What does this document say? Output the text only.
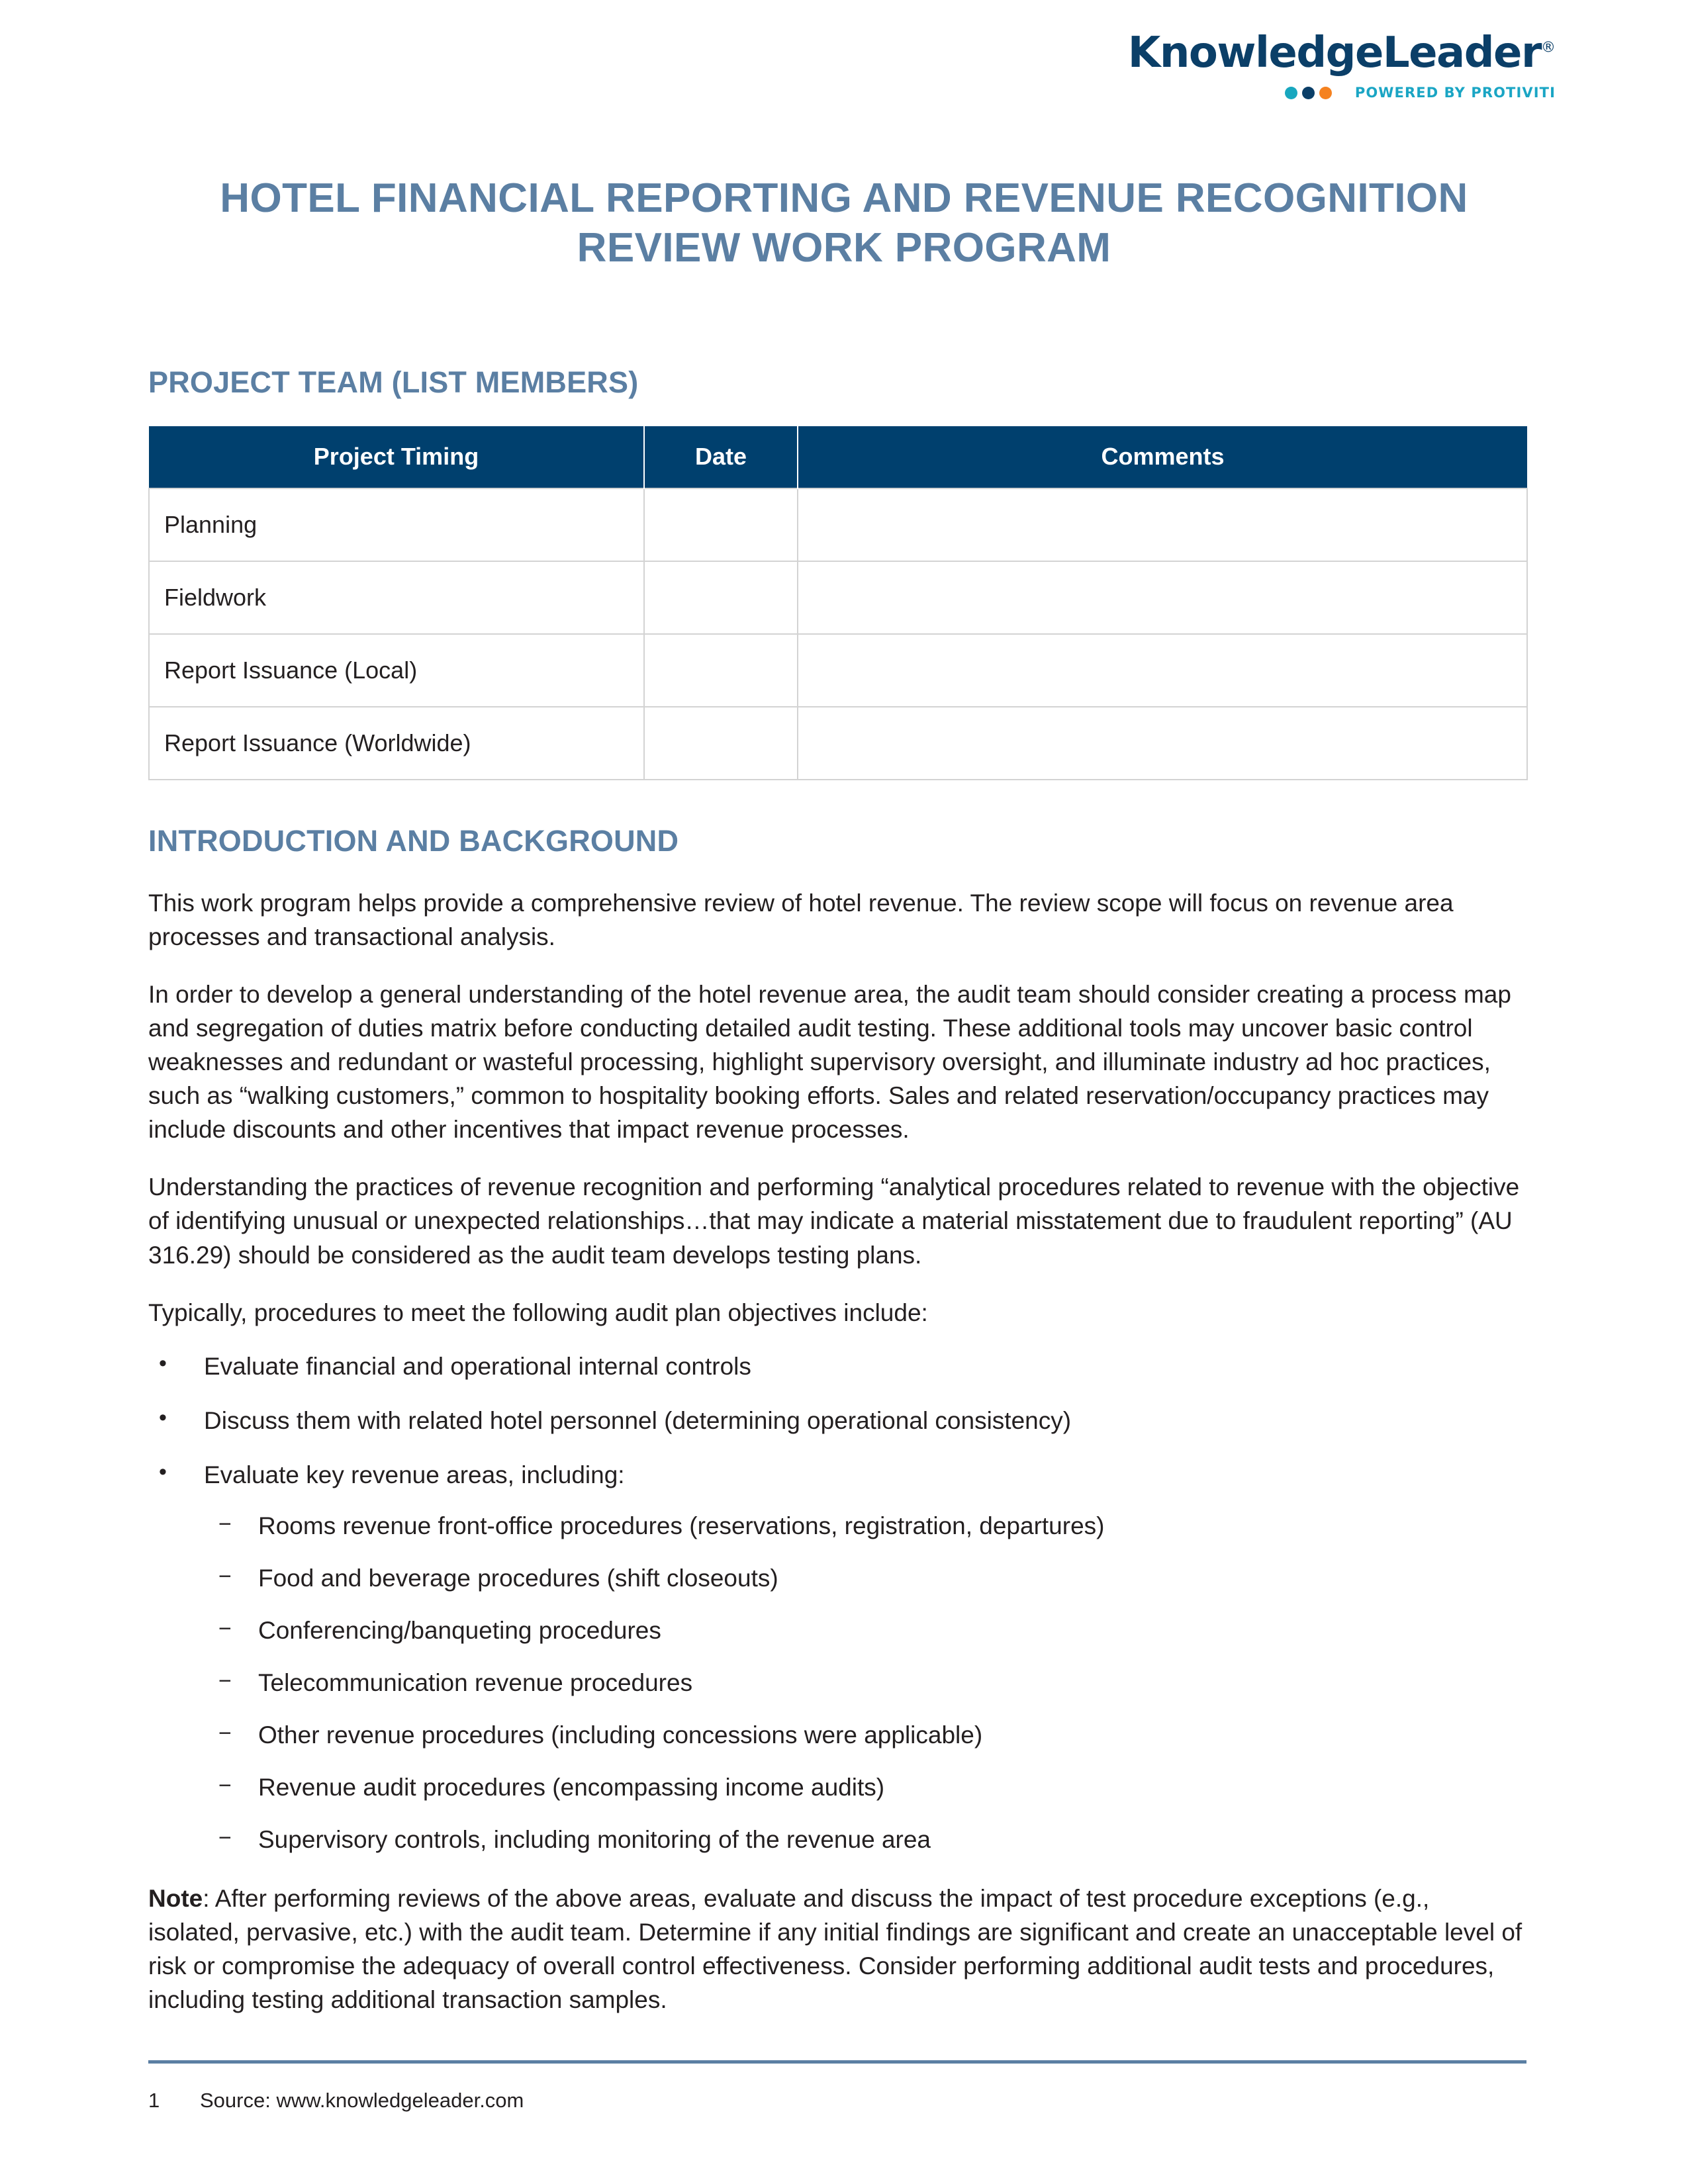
KnowledgeLeader®
POWERED BY PROTIVITI
HOTEL FINANCIAL REPORTING AND REVENUE RECOGNITION REVIEW WORK PROGRAM
PROJECT TEAM (LIST MEMBERS)
Project Timing	Date	Comments
Planning		
Fieldwork		
Report Issuance (Local)		
Report Issuance (Worldwide)		
INTRODUCTION AND BACKGROUND

This work program helps provide a comprehensive review of hotel revenue. The review scope will focus on revenue area processes and transactional analysis.

In order to develop a general understanding of the hotel revenue area, the audit team should consider creating a process map and segregation of duties matrix before conducting detailed audit testing. These additional tools may uncover basic control weaknesses and redundant or wasteful processing, highlight supervisory oversight, and illuminate industry ad hoc practices, such as “walking customers,” common to hospitality booking efforts. Sales and related reservation/occupancy practices may include discounts and other incentives that impact revenue processes.

Understanding the practices of revenue recognition and performing “analytical procedures related to revenue with the objective of identifying unusual or unexpected relationships…that may indicate a material misstatement due to fraudulent reporting” (AU 316.29) should be considered as the audit team develops testing plans.

Typically, procedures to meet the following audit plan objectives include:

• Evaluate financial and operational internal controls
• Discuss them with related hotel personnel (determining operational consistency)
• Evaluate key revenue areas, including:
− Rooms revenue front-office procedures (reservations, registration, departures)
− Food and beverage procedures (shift closeouts)
− Conferencing/banqueting procedures
− Telecommunication revenue procedures
− Other revenue procedures (including concessions were applicable)
− Revenue audit procedures (encompassing income audits)
− Supervisory controls, including monitoring of the revenue area

Note: After performing reviews of the above areas, evaluate and discuss the impact of test procedure exceptions (e.g., isolated, pervasive, etc.) with the audit team. Determine if any initial findings are significant and create an unacceptable level of risk or compromise the adequacy of overall control effectiveness. Consider performing additional audit tests and procedures, including testing additional transaction samples.

1	Source: www.knowledgeleader.com
